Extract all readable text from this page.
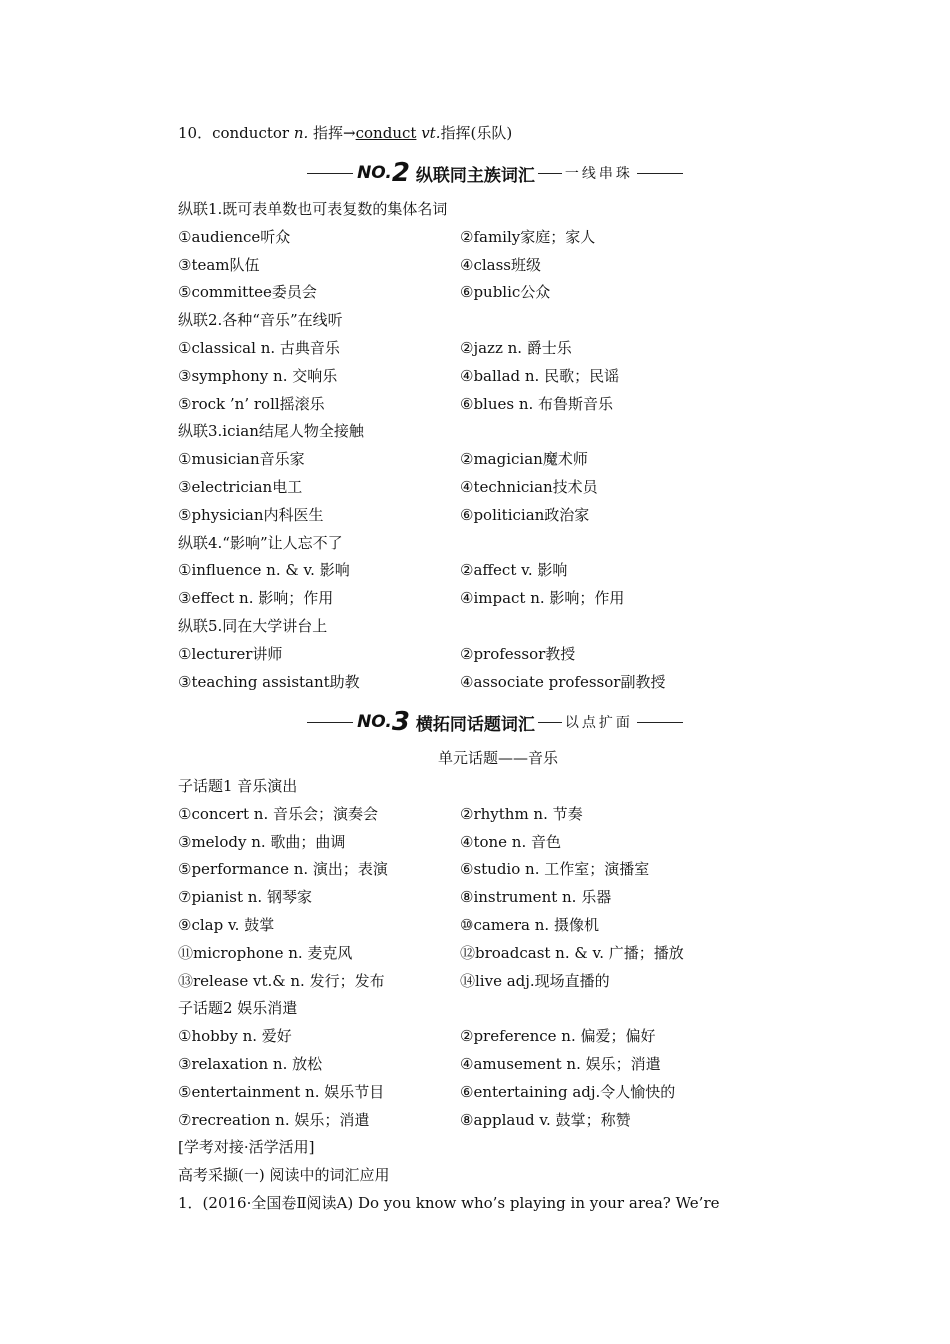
10．conductor n. 指挥→conduct vt.指挥(乐队)
NO. 2 纵联同主族词汇 一线串珠
纵联1.既可表单数也可表复数的集体名词
①audience听众	②family家庭；家人
③team队伍	④class班级
⑤committee委员会	⑥public公众
纵联2.各种“音乐”在线听
①classical n. 古典音乐	②jazz n. 爵士乐
③symphony n. 交响乐	④ballad n. 民歌；民谣
⑤rock ’n’ roll摇滚乐	⑥blues n. 布鲁斯音乐
纵联3.ician结尾人物全接触
①musician音乐家	②magician魔术师
③electrician电工	④technician技术员
⑤physician内科医生	⑥politician政治家
纵联4.“影响”让人忘不了
①influence n. & v. 影响	②affect v. 影响
③effect n. 影响；作用	④impact n. 影响；作用
纵联5.同在大学讲台上
①lecturer讲师	②professor教授
③teaching assistant助教	④associate professor副教授
NO. 3 横拓同话题词汇 以点扩面
单元话题——音乐
子话题1 音乐演出
①concert n. 音乐会；演奏会	②rhythm n. 节奏
③melody n. 歌曲；曲调	④tone n. 音色
⑤performance n. 演出；表演	⑥studio n. 工作室；演播室
⑦pianist n. 钢琴家	⑧instrument n. 乐器
⑨clap v. 鼓掌	⑩camera n. 摄像机
⑪microphone n. 麦克风	⑫broadcast n. & v. 广播；播放
⑬release vt.& n. 发行；发布	⑭live adj.现场直播的
子话题2 娱乐消遣
①hobby n. 爱好	②preference n. 偏爱；偏好
③relaxation n. 放松	④amusement n. 娱乐；消遣
⑤entertainment n. 娱乐节目	⑥entertaining adj.令人愉快的
⑦recreation n. 娱乐；消遣	⑧applaud v. 鼓掌；称赞
[学考对接·活学活用]
高考采撷(一) 阅读中的词汇应用
1．(2016·全国卷Ⅱ阅读A) Do you know who’s playing in your area? We’re
